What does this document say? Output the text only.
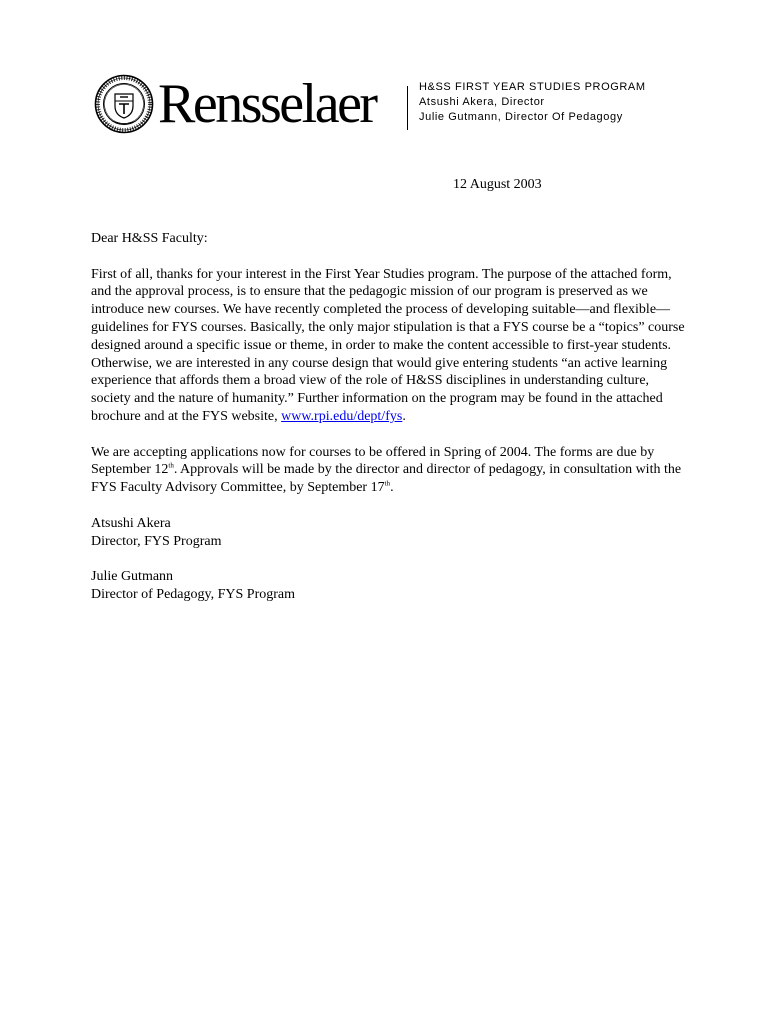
Rensselaer	H&SS FIRST YEAR STUDIES PROGRAM
Atsushi Akera, Director
Julie Gutmann, Director Of Pedagogy
12 August 2003

Dear H&SS Faculty:

First of all, thanks for your interest in the First Year Studies program. The purpose of the attached form, and the approval process, is to ensure that the pedagogic mission of our program is preserved as we introduce new courses. We have recently completed the process of developing suitable—and flexible—guidelines for FYS courses. Basically, the only major stipulation is that a FYS course be a “topics” course designed around a specific issue or theme, in order to make the content accessible to first-year students. Otherwise, we are interested in any course design that would give entering students “an active learning experience that affords them a broad view of the role of H&SS disciplines in understanding culture, society and the nature of humanity.” Further information on the program may be found in the attached brochure and at the FYS website, www.rpi.edu/dept/fys.

We are accepting applications now for courses to be offered in Spring of 2004. The forms are due by September 12th. Approvals will be made by the director and director of pedagogy, in consultation with the FYS Faculty Advisory Committee, by September 17th.

Atsushi Akera
Director, FYS Program
Julie Gutmann
Director of Pedagogy, FYS Program
